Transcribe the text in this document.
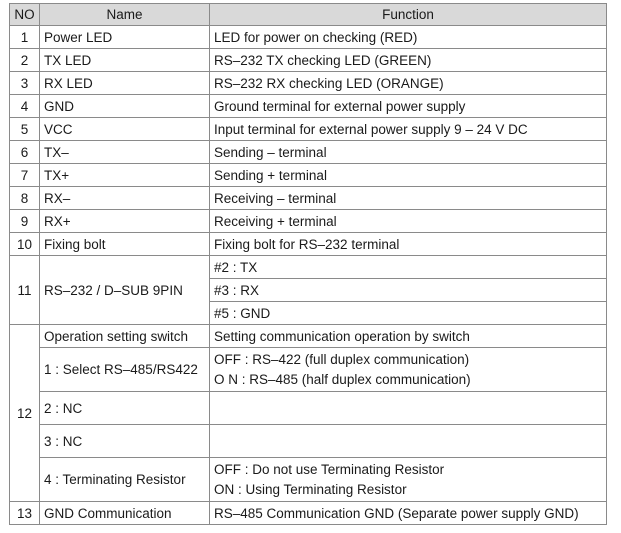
NO	Name	Function
1	Power LED	LED for power on checking (RED)
2	TX LED	RS–232 TX checking LED (GREEN)
3	RX LED	RS–232 RX checking LED (ORANGE)
4	GND	Ground terminal for external power supply
5	VCC	Input terminal for external power supply 9 – 24 V DC
6	TX–	Sending – terminal
7	TX+	Sending + terminal
8	RX–	Receiving – terminal
9	RX+	Receiving + terminal
10	Fixing bolt	Fixing bolt for RS–232 terminal
11	RS–232 / D–SUB 9PIN	#2 : TX
		#3 : RX
		#5 : GND
12	Operation setting switch	Setting communication operation by switch
	1 : Select RS–485/RS422	OFF : RS–422 (full duplex communication)
O N : RS–485 (half duplex communication)

	2 : NC	
	3 : NC	
	4 : Terminating Resistor	OFF : Do not use Terminating Resistor
ON : Using Terminating Resistor

13	GND Communication	RS–485 Communication GND (Separate power supply GND)
